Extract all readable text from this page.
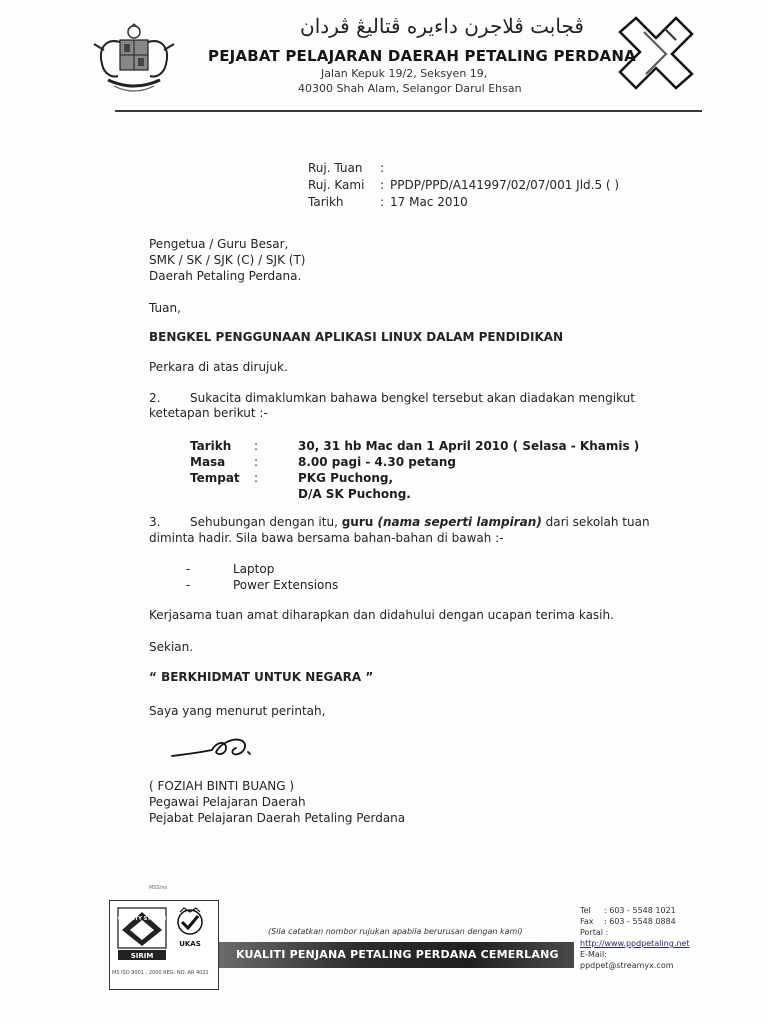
ڤجابت ڤلاجرن داءيره ڤتاليڠ ڤردان
PEJABAT PELAJARAN DAERAH PETALING PERDANA
Jalan Kepuk 19/2, Seksyen 19,
40300 Shah Alam, Selangor Darul Ehsan
Ruj. Tuan	:
Ruj. Kami	: PPDP/PPD/A141997/02/07/001 Jld.5 ( )
Tarikh	: 17 Mac 2010
Pengetua / Guru Besar,
SMK / SK / SJK (C) / SJK (T)
Daerah Petaling Perdana.
Tuan,
BENGKEL PENGGUNAAN APLIKASI LINUX DALAM PENDIDIKAN
Perkara di atas dirujuk.
2. Sukacita dimaklumkan bahawa bengkel tersebut akan diadakan mengikut
ketetapan berikut :-
Tarikh	:	30, 31 hb Mac dan 1 April 2010 ( Selasa - Khamis )
Masa	:	8.00 pagi - 4.30 petang
Tempat	:	PKG Puchong,
D/A SK Puchong.
3. Sehubungan dengan itu, guru (nama seperti lampiran) dari sekolah tuan
diminta hadir. Sila bawa bersama bahan-bahan di bawah :-
-	Laptop
-	Power Extensions
Kerjasama tuan amat diharapkan dan didahului dengan ucapan terima kasih.
Sekian.
“ BERKHIDMAT UNTUK NEGARA ”
Saya yang menurut perintah,
( FOZIAH BINTI BUANG )
Pegawai Pelajaran Daerah
Pejabat Pelajaran Daerah Petaling Perdana
MSS/ns
SIRIM
QUALITY SYSTEM
UKAS
MS ISO 9001 : 2000 REG. NO. AR 4021
(Sila catatkan nombor rujukan apabila berurusan dengan kami)
KUALITI PENJANA PETALING PERDANA CEMERLANG
Tel	: 603 - 5548 1021
Fax	: 603 - 5548 0884
Portal :
http://www.ppdpetaling.net
E-Mail:
ppdpet@streamyx.com
